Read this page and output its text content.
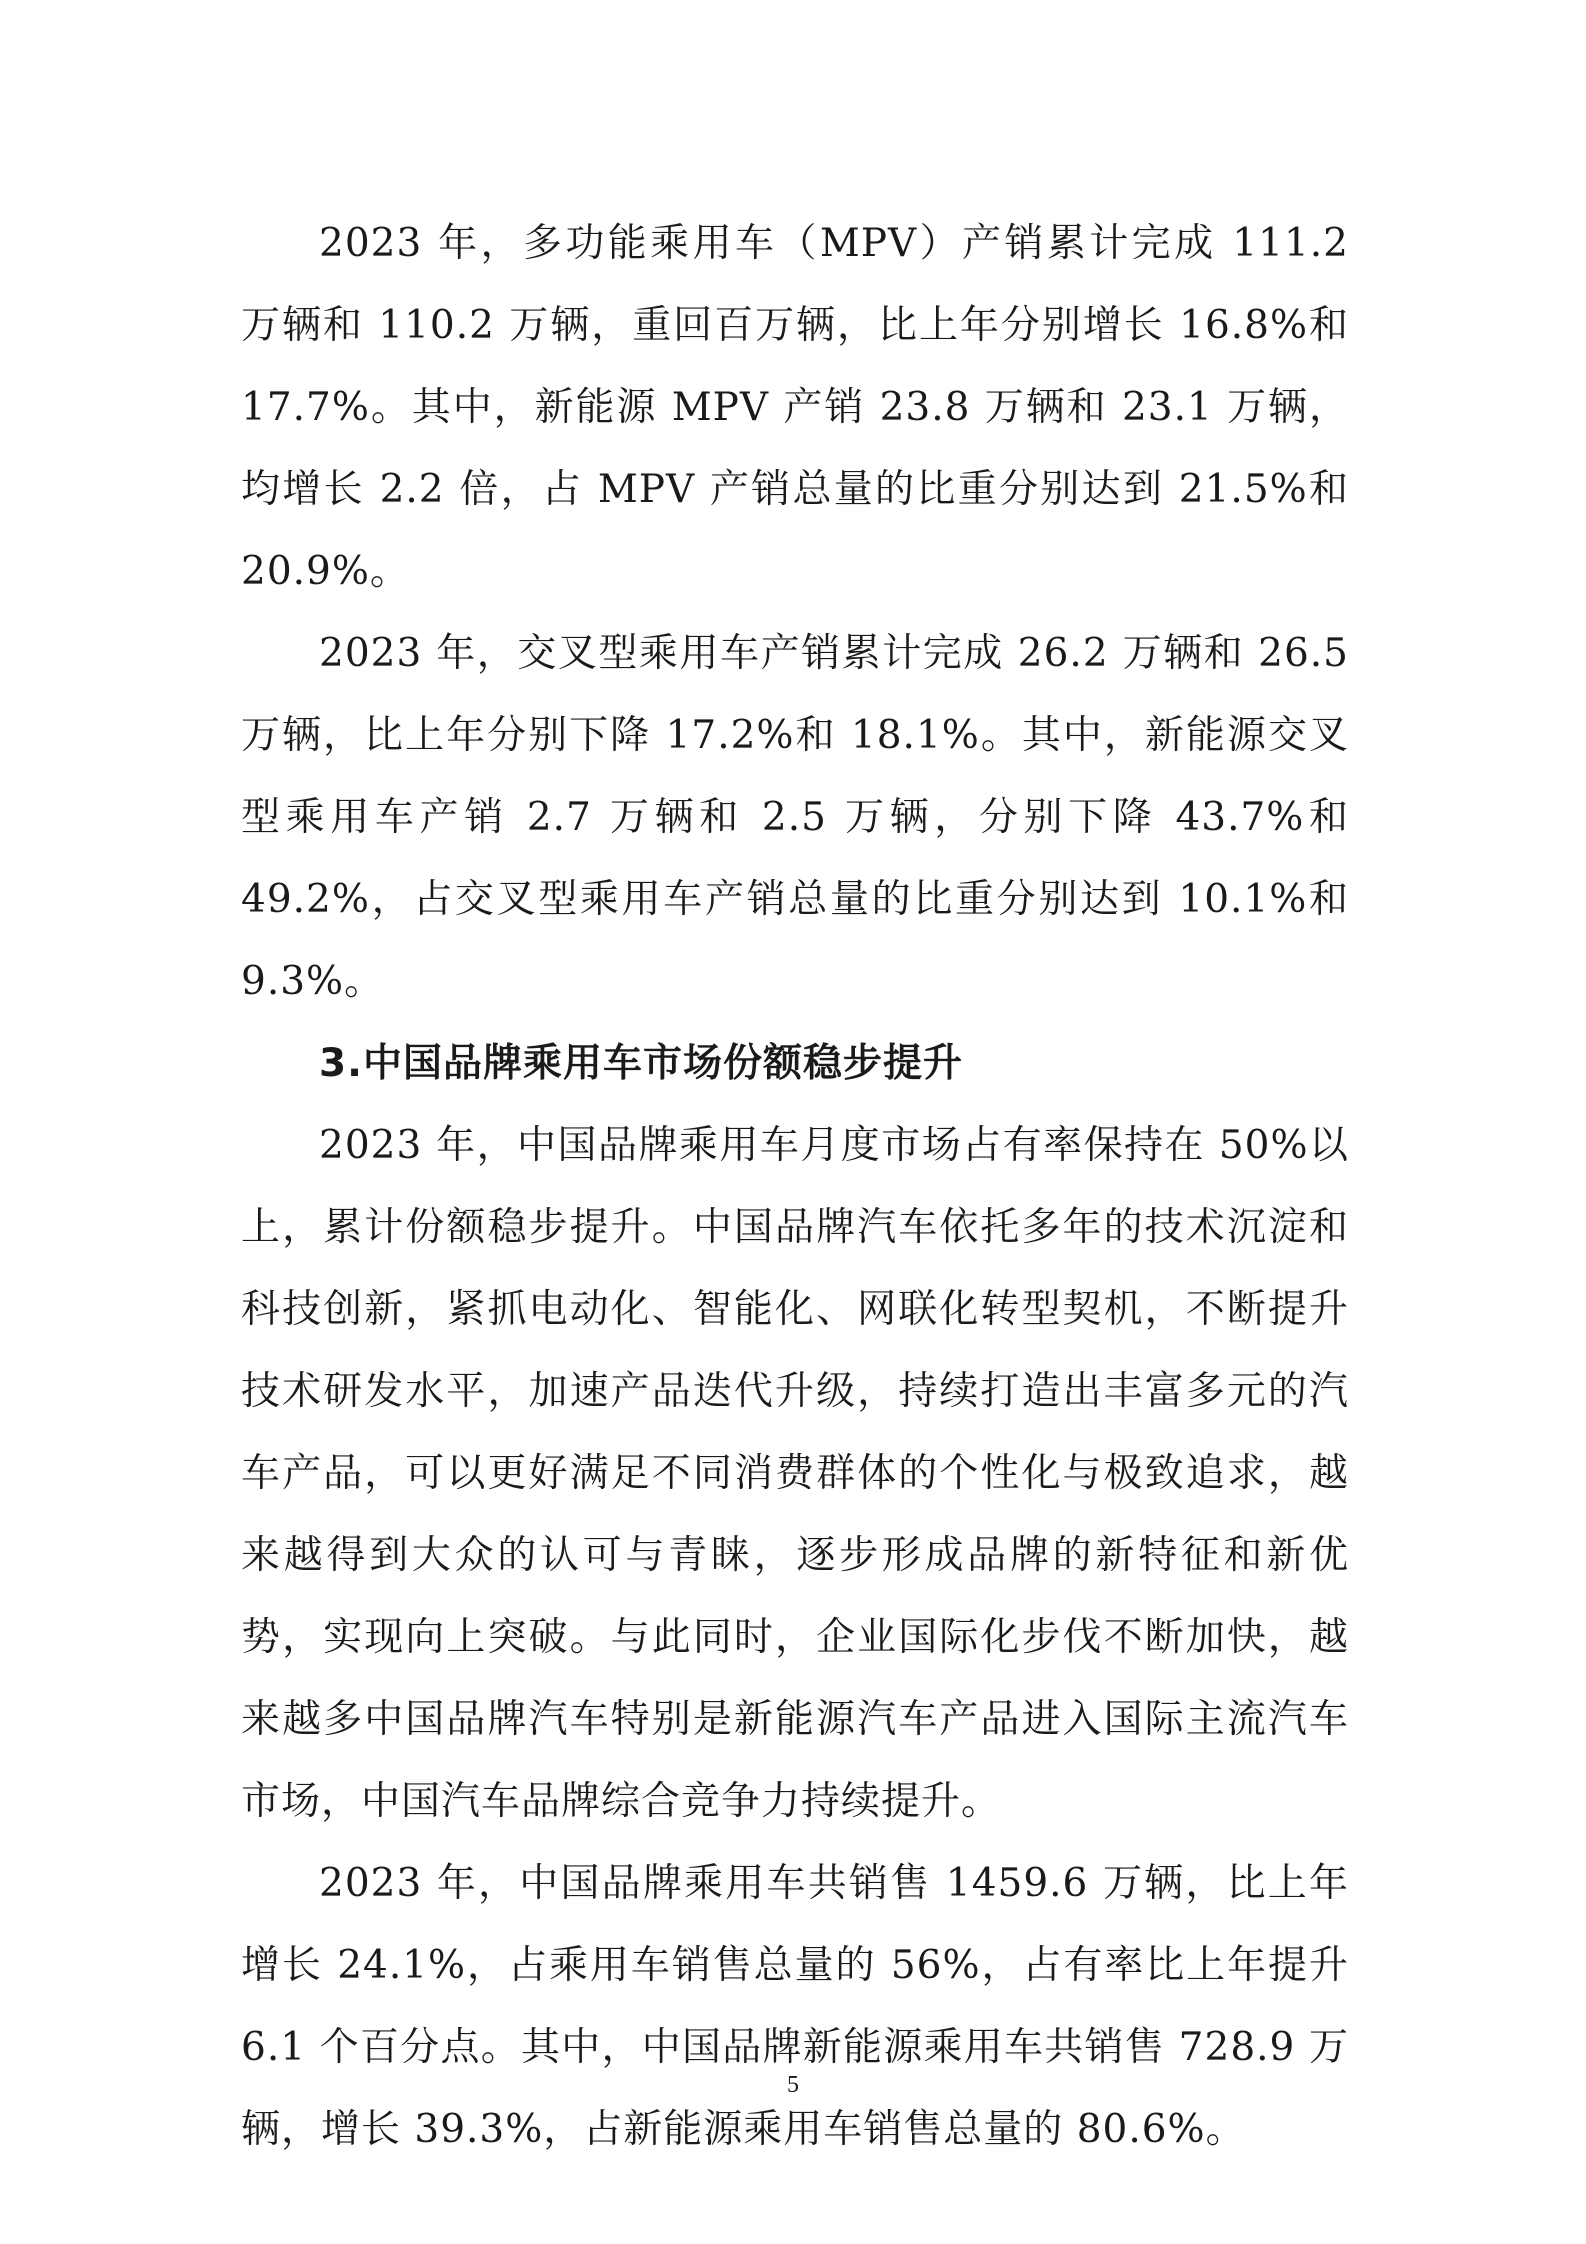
2023 年，多功能乘用车（MPV）产销累计完成 111.2 万辆和 110.2 万辆，重回百万辆，比上年分别增长 16.8%和 17.7%。其中，新能源 MPV 产销 23.8 万辆和 23.1 万辆，均增长 2.2 倍，占 MPV 产销总量的比重分别达到 21.5%和 20.9%。

2023 年，交叉型乘用车产销累计完成 26.2 万辆和 26.5 万辆，比上年分别下降 17.2%和 18.1%。其中，新能源交叉型乘用车产销 2.7 万辆和 2.5 万辆，分别下降 43.7%和 49.2%，占交叉型乘用车产销总量的比重分别达到 10.1%和 9.3%。

3.中国品牌乘用车市场份额稳步提升

2023 年，中国品牌乘用车月度市场占有率保持在 50%以上，累计份额稳步提升。中国品牌汽车依托多年的技术沉淀和科技创新，紧抓电动化、智能化、网联化转型契机，不断提升技术研发水平，加速产品迭代升级，持续打造出丰富多元的汽车产品，可以更好满足不同消费群体的个性化与极致追求，越来越得到大众的认可与青睐，逐步形成品牌的新特征和新优势，实现向上突破。与此同时，企业国际化步伐不断加快，越来越多中国品牌汽车特别是新能源汽车产品进入国际主流汽车市场，中国汽车品牌综合竞争力持续提升。

2023 年，中国品牌乘用车共销售 1459.6 万辆，比上年增长 24.1%，占乘用车销售总量的 56%，占有率比上年提升 6.1 个百分点。其中，中国品牌新能源乘用车共销售 728.9 万辆，增长 39.3%，占新能源乘用车销售总量的 80.6%。

5
